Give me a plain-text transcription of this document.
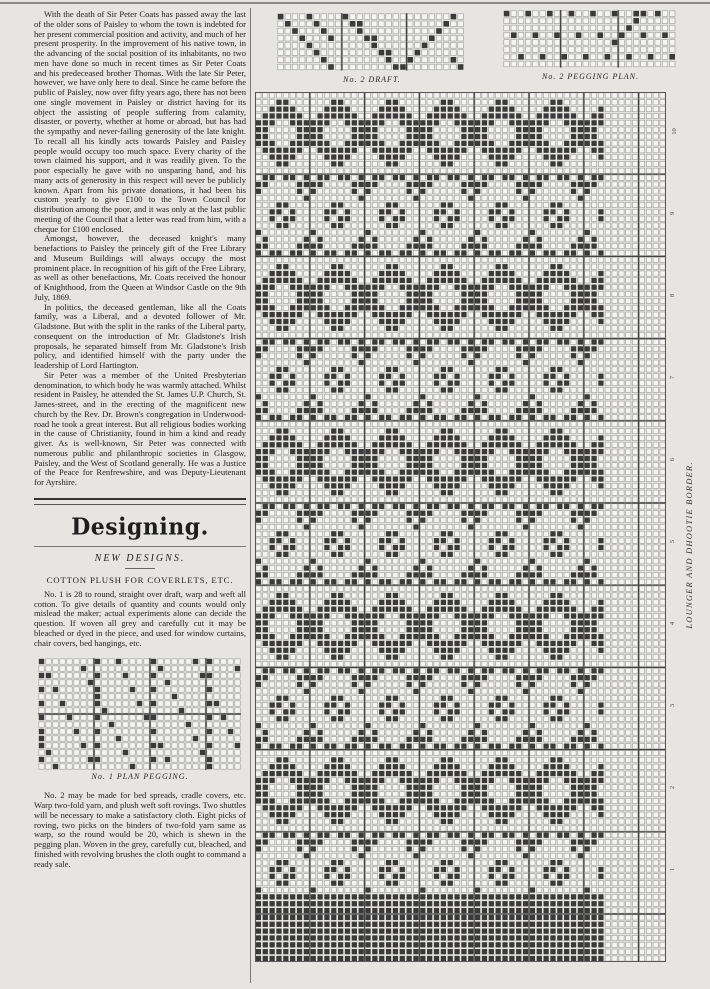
With the death of Sir Peter Coats has passed away the last of the older sons of Paisley to whom the town is indebted for her present commercial position and activity, and much of her present prosperity. In the improvement of his native town, in the advancing of the social position of its inhabitants, no two men have done so much in recent times as Sir Peter Coats and his predeceased brother Thomas. With the late Sir Peter, however, we have only here to deal. Since he came before the public of Paisley, now over fifty years ago, there has not been one single movement in Paisley or district having for its object the assisting of people suffering from calamity, disaster, or poverty, whether at home or abroad, but has had the sympathy and never-failing generosity of the late knight. To recall all his kindly acts towards Paisley and Paisley people would occupy too much space. Every charity of the town claimed his support, and it was readily given. To the poor especially he gave with no unsparing hand, and his many acts of generosity in this respect will never be publicly known. Apart from his private donations, it had been his custom yearly to give £100 to the Town Council for distribution among the poor, and it was only at the last public meeting of the Council that a letter was read from him, with a cheque for £100 enclosed.

Amongst, however, the deceased knight's many benefactions to Paisley the princely gift of the Free Library and Museum Buildings will always occupy the most prominent place. In recognition of his gift of the Free Library, as well as other benefactions, Mr. Coats received the honour of Knighthood, from the Queen at Windsor Castle on the 9th July, 1869.

In politics, the deceased gentleman, like all the Coats family, was a Liberal, and a devoted follower of Mr. Gladstone. But with the split in the ranks of the Liberal party, consequent on the introduction of Mr. Gladstone's Irish proposals, he separated himself from Mr. Gladstone's Irish policy, and identified himself with the party under the leadership of Lord Hartington.

Sir Peter was a member of the United Presbyterian denomination, to which body he was warmly attached. Whilst resident in Paisley, he attended the St. James U.P. Church, St. James-street, and in the erecting of the magnificent new church by the Rev. Dr. Brown's congregation in Underwood-road he took a great interest. But all religious bodies working in the cause of Christianity, found in him a kind and ready giver. As is well-known, Sir Peter was connected with numerous public and philanthropic societies in Glasgow, Paisley, and the West of Scotland generally. He was a Justice of the Peace for Renfrewshire, and was Deputy-Lieutenant for Ayrshire.

Designing.
NEW DESIGNS.
COTTON PLUSH FOR COVERLETS, ETC.

No. 1 is 28 to round, straight over draft, warp and weft all cotton. To give details of quantity and counts would only mislead the maker; actual experiments alone can decide the question. If woven all grey and carefully cut it may be bleached or dyed in the piece, and used for window curtains, chair covers, bed hangings, etc.

No. 1 PLAN PEGGING.

No. 2 may be made for bed spreads, cradle covers, etc. Warp two-fold yarn, and plush weft soft rovings. Two shuttles will be necessary to make a satisfactory cloth. Eight picks of roving, two picks on the binders of two-fold yarn same as warp, so the round would be 20, which is shewn in the pegging plan. Woven in the grey, carefully cut, bleached, and finished with revolving brushes the cloth ought to command a ready sale.

No. 2 DRAFT.	No. 2 PEGGING PLAN.
LOUNGER AND DHOOTIE BORDER.
10
9
8
7
6
5
4
3
2
1
